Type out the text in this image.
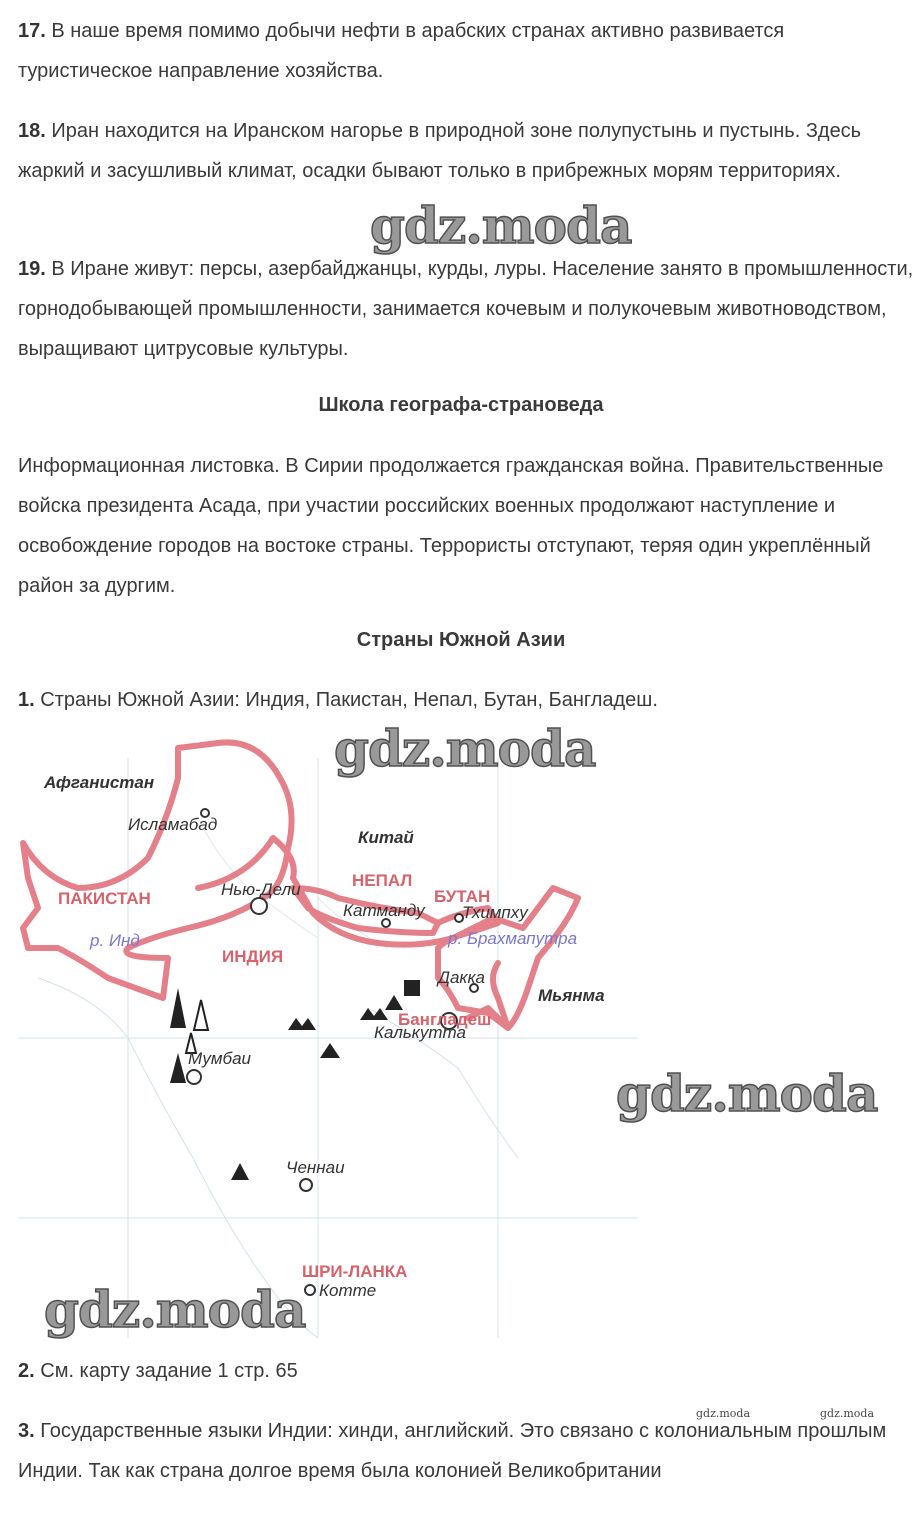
17. В наше время помимо добычи нефти в арабских странах активно развивается туристическое направление хозяйства.

18. Иран находится на Иранском нагорье в природной зоне полупустынь и пустынь. Здесь жаркий и засушливый климат, осадки бывают только в прибрежных морям территориях.

19. В Иране живут: персы, азербайджанцы, курды, луры. Население занято в промышленности, горнодобывающей промышленности, занимается кочевым и полукочевым животноводством, выращивают цитрусовые культуры.

Школа географа-страноведа

Информационная листовка. В Сирии продолжается гражданская война. Правительственные войска президента Асада, при участии российских военных продолжают наступление и освобождение городов на востоке страны. Террористы отступают, теряя один укреплённый район за дургим.

Страны Южной Азии

1. Страны Южной Азии: Индия, Пакистан, Непал, Бутан, Бангладеш.

Афганистан
Исламабад
Китай
ПАКИСТАН	Нью-Дели	НЕПАЛ
БУТАН
Катманду Тхимпху
р. Инд	р. Брахмапутра
ИНДИЯ
Дакка
Мьянма
Бангладеш
Калькутта
Мумбаи
Ченнаи
ШРИ-ЛАНКА
Котте

2. См. карту задание 1 стр. 65

3. Государственные языки Индии: хинди, английский. Это связано с колониальным прошлым Индии. Так как страна долгое время была колонией Великобритании

gdz.moda
gdz.moda
gdz.moda
gdz.moda
gdz.moda	gdz.moda
